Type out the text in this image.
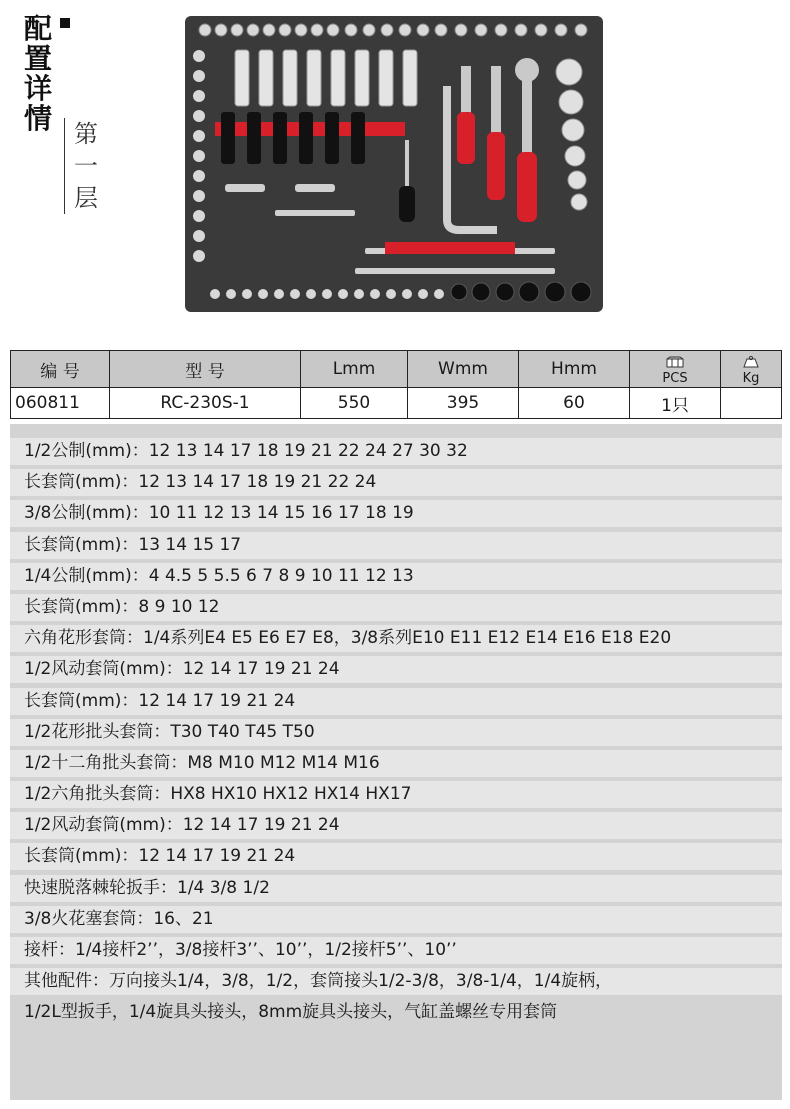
配
置
详
情 第
一
层
编 号	型 号	Lmm	Wmm	Hmm	PCS	Kg

060811	RC-230S-1	550	395	60	1只	
1/2公制(mm)：12 13 14 17 18 19 21 22 24 27 30 32
长套筒(mm)：12 13 14 17 18 19 21 22 24
3/8公制(mm)：10 11 12 13 14 15 16 17 18 19
长套筒(mm)：13 14 15 17
1/4公制(mm)：4 4.5 5 5.5 6 7 8 9 10 11 12 13
长套筒(mm)：8 9 10 12
六角花形套筒：1/4系列E4 E5 E6 E7 E8，3/8系列E10 E11 E12 E14 E16 E18 E20
1/2风动套筒(mm)：12 14 17 19 21 24
长套筒(mm)：12 14 17 19 21 24
1/2花形批头套筒：T30 T40 T45 T50
1/2十二角批头套筒：M8 M10 M12 M14 M16
1/2六角批头套筒：HX8 HX10 HX12 HX14 HX17
1/2风动套筒(mm)：12 14 17 19 21 24
长套筒(mm)：12 14 17 19 21 24
快速脱落棘轮扳手：1/4 3/8 1/2
3/8火花塞套筒：16、21
接杆：1/4接杆2’’，3/8接杆3’’、10’’，1/2接杆5’’、10’’
其他配件：万向接头1/4，3/8，1/2，套筒接头1/2-3/8，3/8-1/4，1/4旋柄，
1/2L型扳手，1/4旋具头接头，8mm旋具头接头，气缸盖螺丝专用套筒
